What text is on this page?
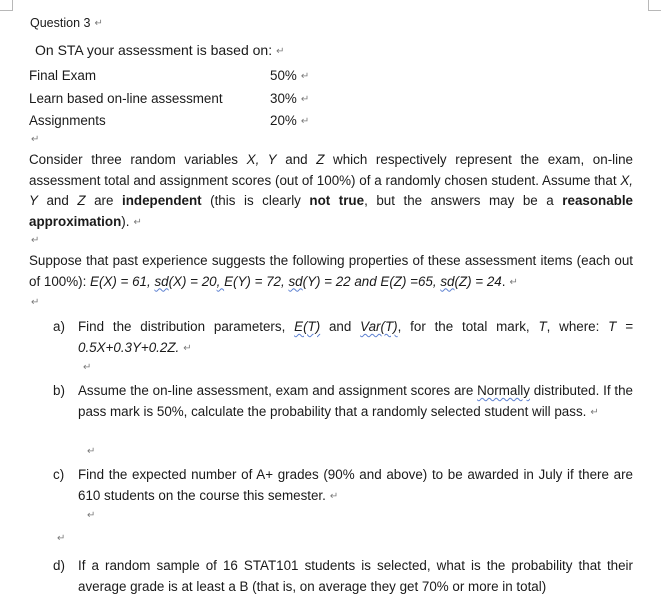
Question 3 ↵
On STA your assessment is based on: ↵
Final Exam	50% ↵
Learn based on-line assessment	30% ↵
Assignments	20% ↵
↵
Consider three random variables X, Y and Z which respectively represent the exam, on-line assessment total and assignment scores (out of 100%) of a randomly chosen student. Assume that X, Y and Z are independent (this is clearly not true, but the answers may be a reasonable approximation). ↵
↵
Suppose that past experience suggests the following properties of these assessment items (each out of 100%): E(X) = 61, sd(X) = 20, E(Y) = 72, sd(Y) = 22 and E(Z) =65, sd(Z) = 24. ↵
↵
a) Find the distribution parameters, E(T) and Var(T), for the total mark, T, where: T = 0.5X+0.3Y+0.2Z. ↵
↵
b) Assume the on-line assessment, exam and assignment scores are Normally distributed. If the pass mark is 50%, calculate the probability that a randomly selected student will pass. ↵
↵
c) Find the expected number of A+ grades (90% and above) to be awarded in July if there are 610 students on the course this semester. ↵
↵
↵
d) If a random sample of 16 STAT101 students is selected, what is the probability that their average grade is at least a B (that is, on average they get 70% or more in total)
